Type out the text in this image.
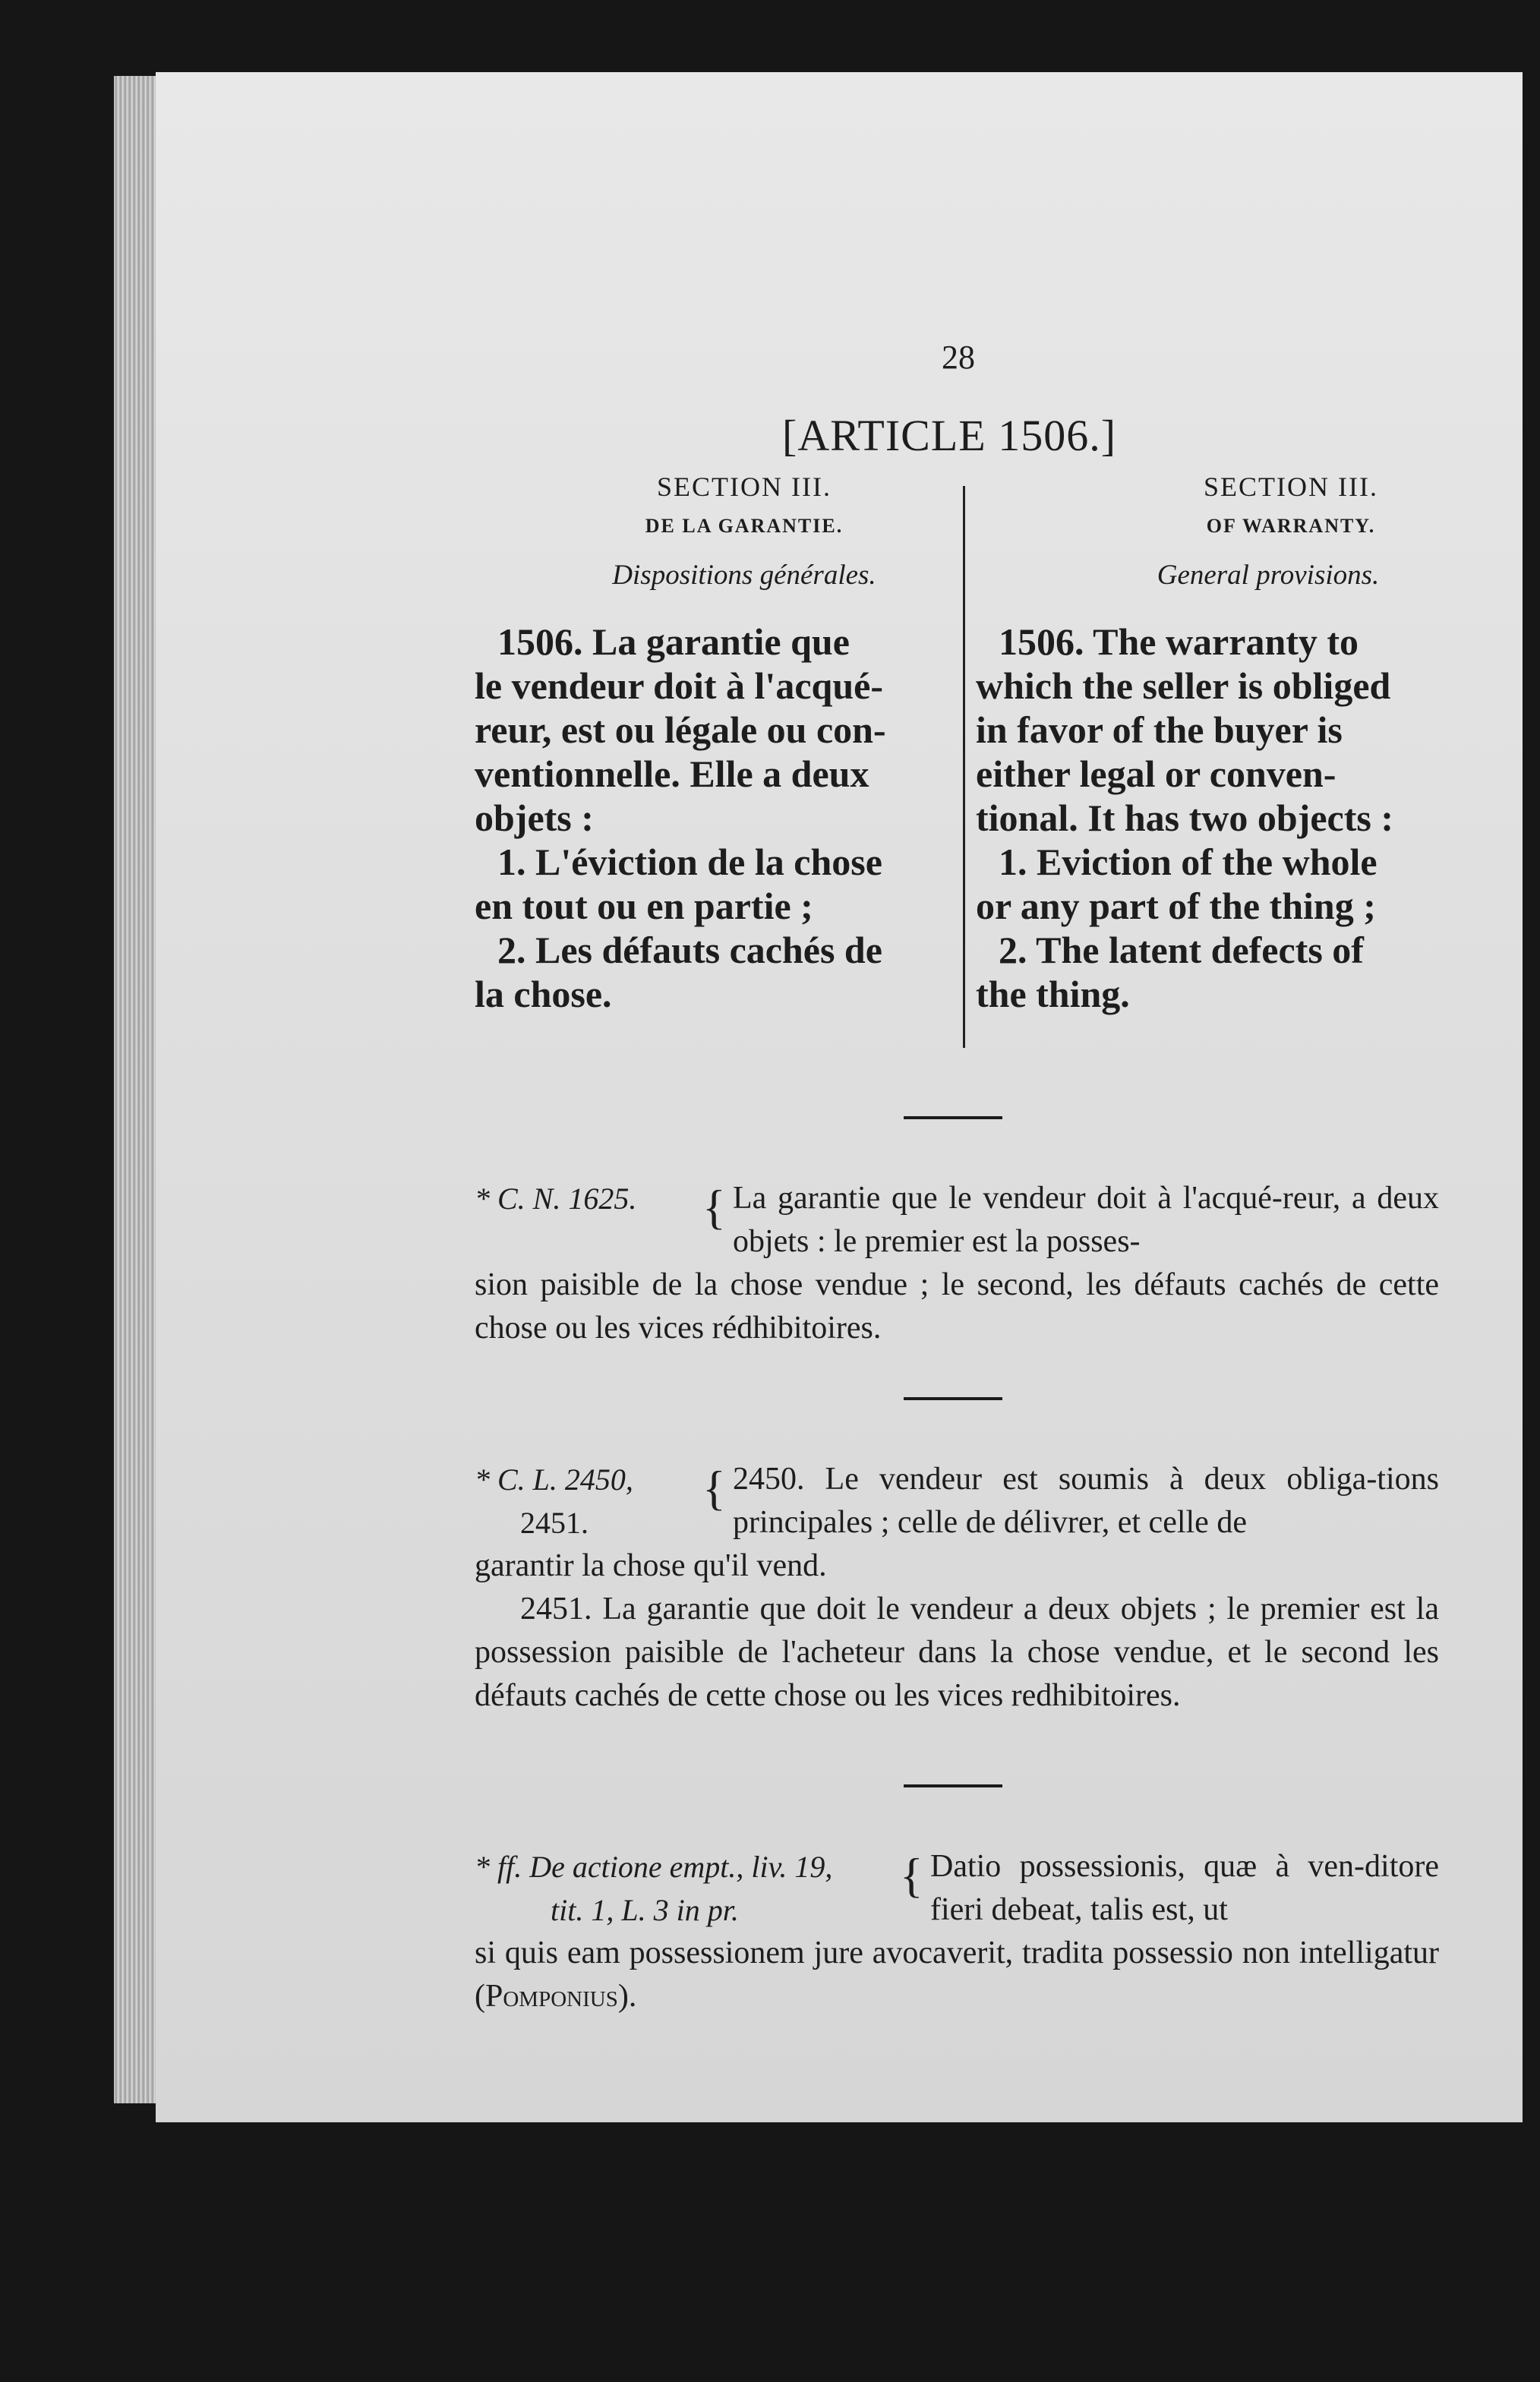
28
[ARTICLE 1506.]
SECTION III.
DE LA GARANTIE.
Dispositions générales.

1506. La garantie que

le vendeur doit à l'acqué-

reur, est ou légale ou con-

ventionnelle. Elle a deux

objets :

1. L'éviction de la chose

en tout ou en partie ;

2. Les défauts cachés de

la chose.

SECTION III.
OF WARRANTY.
General provisions.

1506. The warranty to

which the seller is obliged

in favor of the buyer is

either legal or conven-

tional. It has two objects :

1. Eviction of the whole

or any part of the thing ;

2. The latent defects of

the thing.

* C. N. 1625.	{ La garantie que le vendeur doit à l'acqué-reur, a deux objets : le premier est la posses-

sion paisible de la chose vendue ; le second, les défauts cachés de cette chose ou les vices rédhibitoires.

* C. L. 2450,
2451.
{ 2450. Le vendeur est soumis à deux obliga-tions principales ; celle de délivrer, et celle de

garantir la chose qu'il vend.

2451. La garantie que doit le vendeur a deux objets ; le premier est la possession paisible de l'acheteur dans la chose vendue, et le second les défauts cachés de cette chose ou les vices redhibitoires.

* ff. De actione empt., liv. 19, tit. 1, L. 3 in pr.
{ Datio possessionis, quæ à ven-ditore fieri debeat, talis est, ut

si quis eam possessionem jure avocaverit, tradita possessio non intelligatur (Pomponius).
